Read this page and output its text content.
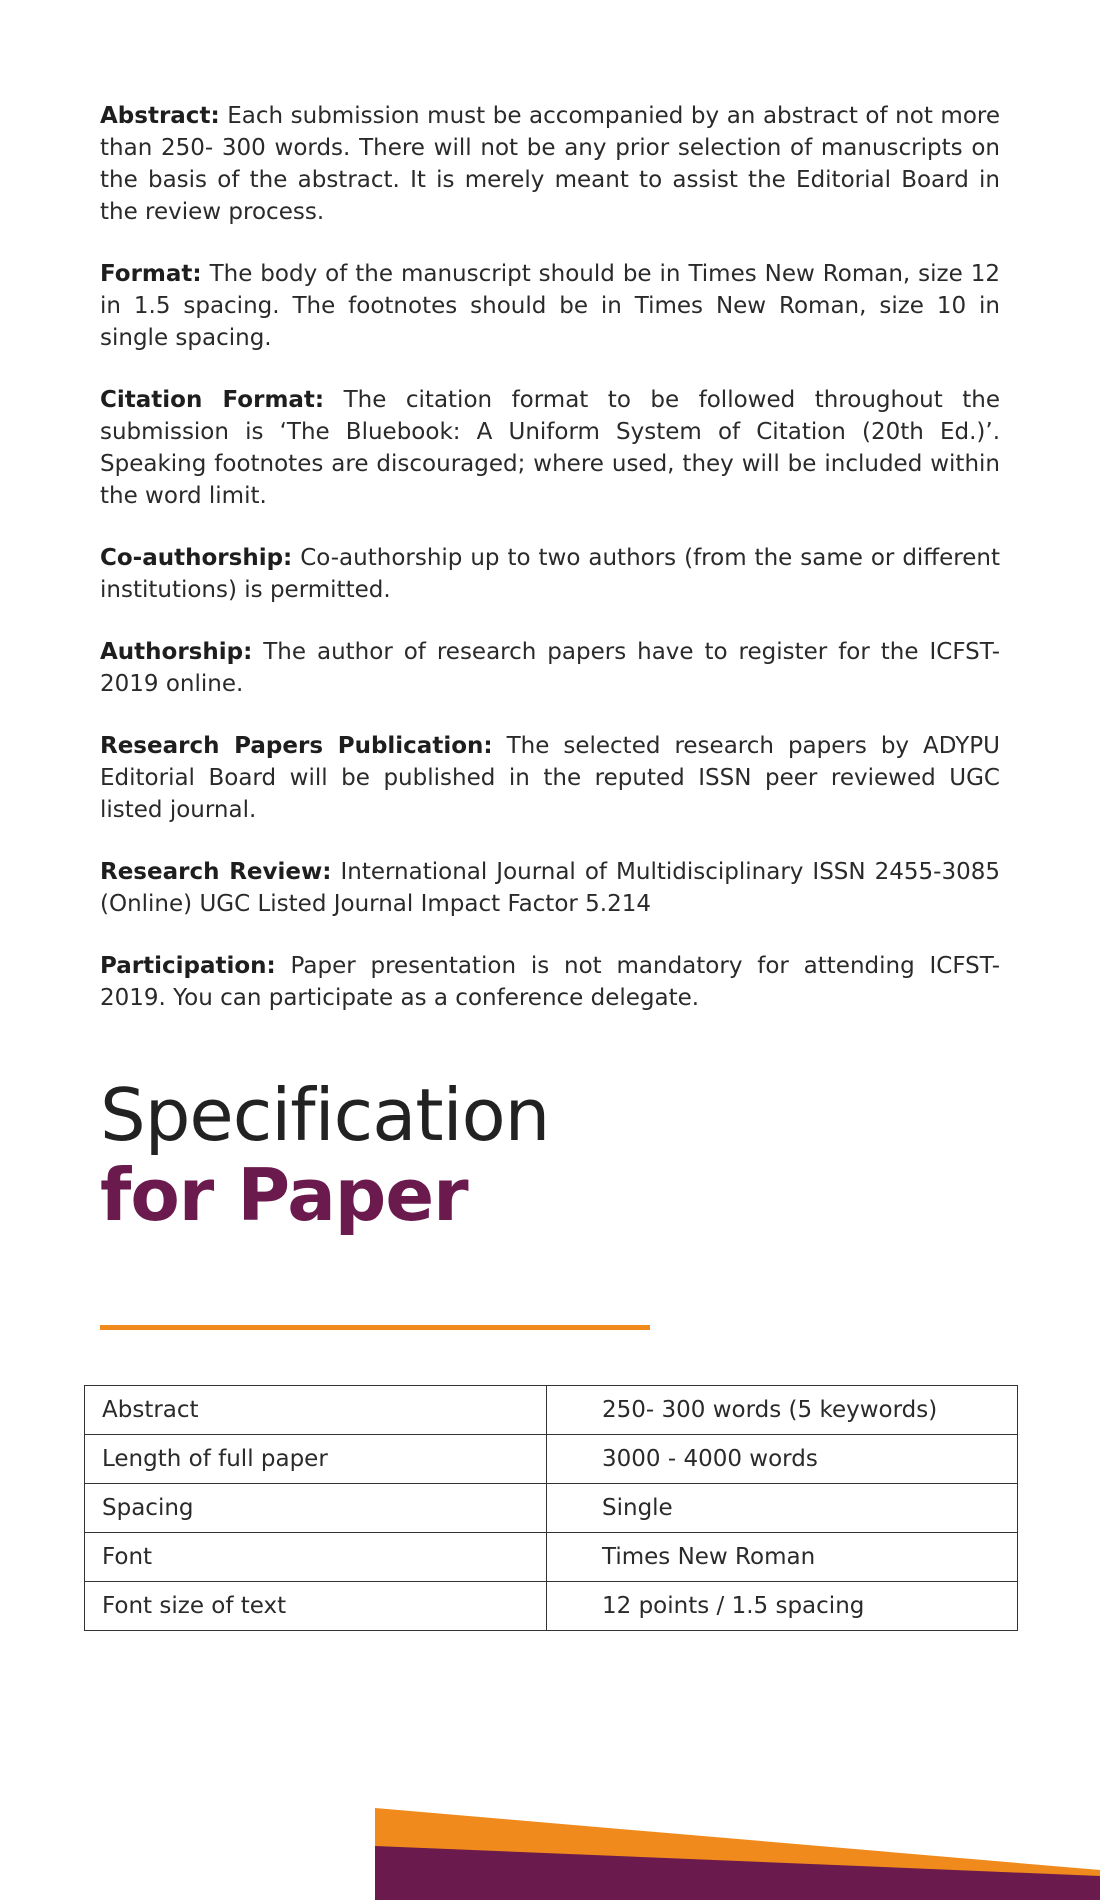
Abstract: Each submission must be accompanied by an abstract of not more than 250- 300 words. There will not be any prior selection of manuscripts on the basis of the abstract. It is merely meant to assist the Editorial Board in the review process.

Format: The body of the manuscript should be in Times New Roman, size 12 in 1.5 spacing. The footnotes should be in Times New Roman, size 10 in single spacing.

Citation Format: The citation format to be followed throughout the submission is ‘The Bluebook: A Uniform System of Citation (20th Ed.)’. Speaking footnotes are discouraged; where used, they will be included within the word limit.

Co-authorship: Co-authorship up to two authors (from the same or different institutions) is permitted.

Authorship: The author of research papers have to register for the ICFST-2019 online.

Research Papers Publication: The selected research papers by ADYPU Editorial Board will be published in the reputed ISSN peer reviewed UGC listed journal.

Research Review: International Journal of Multidisciplinary ISSN 2455-3085 (Online) UGC Listed Journal Impact Factor 5.214

Participation: Paper presentation is not mandatory for attending ICFST-2019. You can participate as a conference delegate.

Specification
for Paper
Abstract	250- 300 words (5 keywords)
Length of full paper	3000 - 4000 words
Spacing	Single
Font	Times New Roman
Font size of text	12 points / 1.5 spacing
